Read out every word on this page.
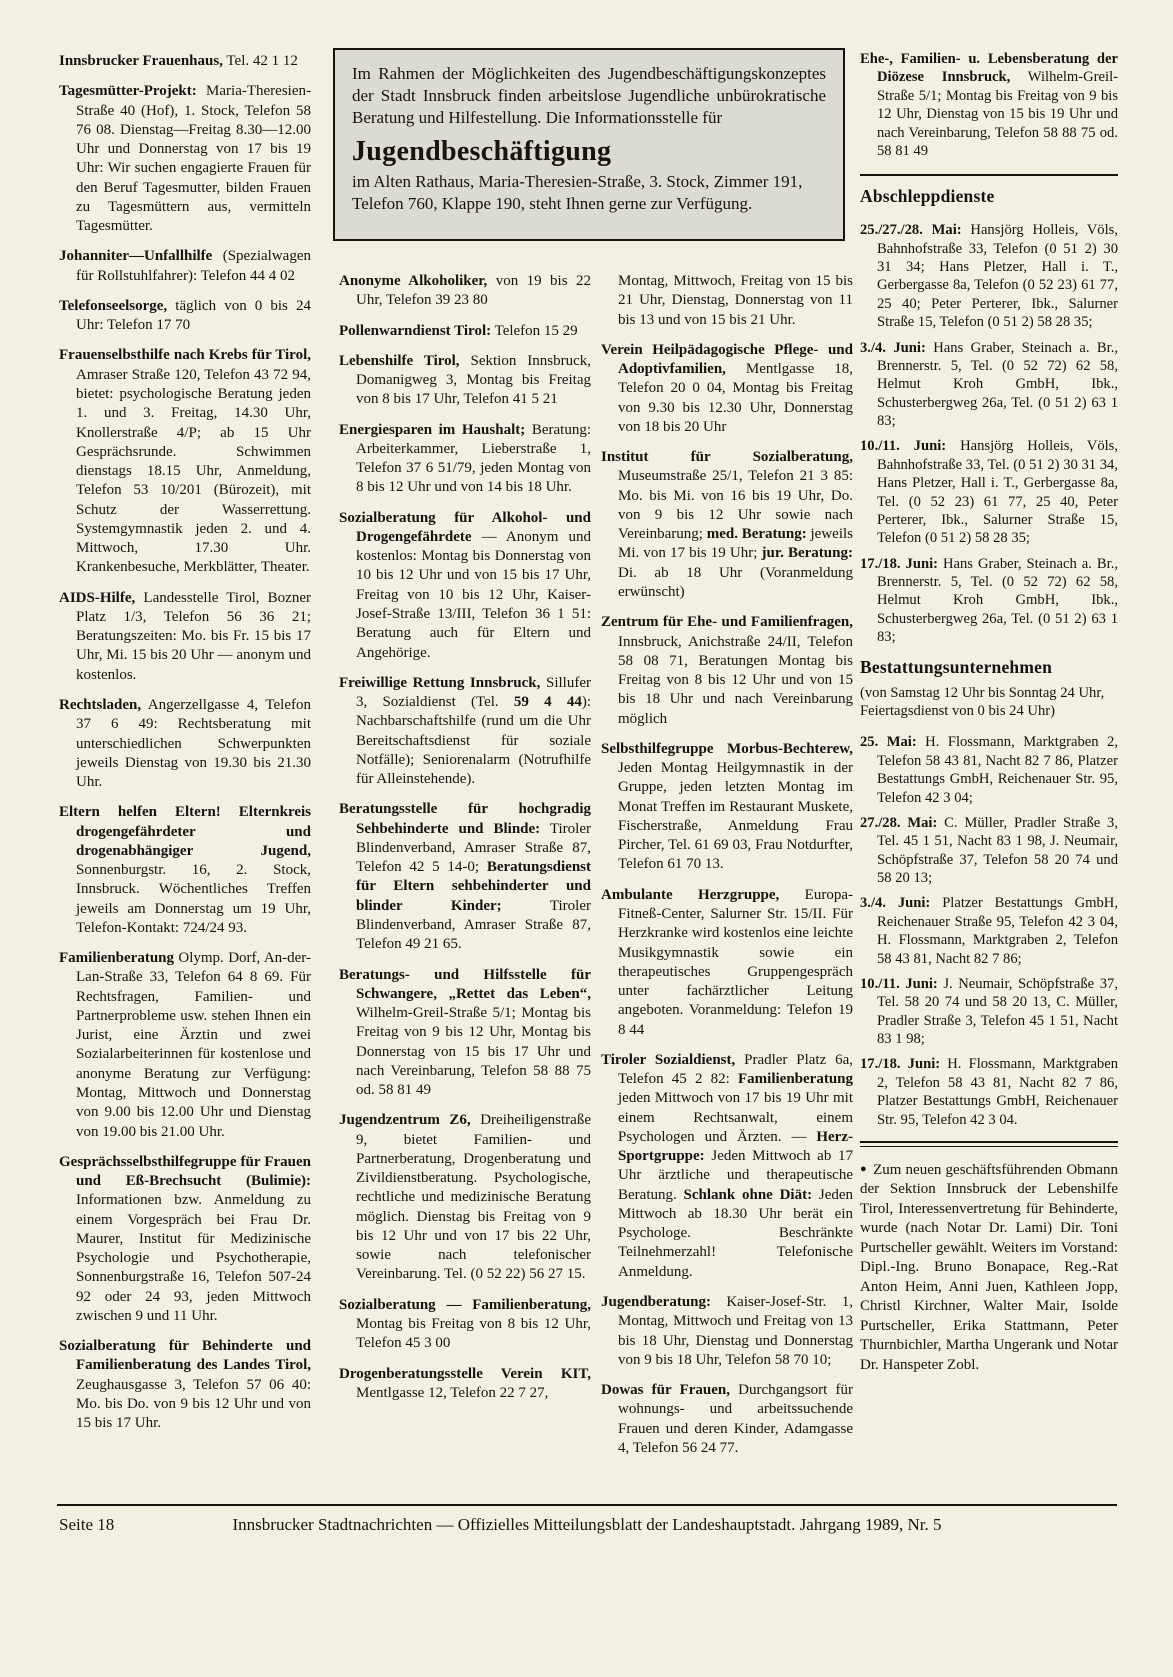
Innsbrucker Frauenhaus, Tel. 42 1 12

Tagesmütter-Projekt: Maria-Theresien-Straße 40 (Hof), 1. Stock, Telefon 58 76 08. Dienstag—Freitag 8.30—12.00 Uhr und Donnerstag von 17 bis 19 Uhr: Wir suchen engagierte Frauen für den Beruf Tagesmutter, bilden Frauen zu Tagesmüttern aus, vermitteln Tagesmütter.

Johanniter—Unfallhilfe (Spezialwagen für Rollstuhlfahrer): Telefon 44 4 02

Telefonseelsorge, täglich von 0 bis 24 Uhr: Telefon 17 70

Frauenselbsthilfe nach Krebs für Tirol, Amraser Straße 120, Telefon 43 72 94, bietet: psychologische Beratung jeden 1. und 3. Freitag, 14.30 Uhr, Knollerstraße 4/P; ab 15 Uhr Gesprächsrunde. Schwimmen dienstags 18.15 Uhr, Anmeldung, Telefon 53 10/201 (Bürozeit), mit Schutz der Wasserrettung. Systemgymnastik jeden 2. und 4. Mittwoch, 17.30 Uhr. Krankenbesuche, Merkblätter, Theater.

AIDS-Hilfe, Landesstelle Tirol, Bozner Platz 1/3, Telefon 56 36 21; Beratungszeiten: Mo. bis Fr. 15 bis 17 Uhr, Mi. 15 bis 20 Uhr — anonym und kostenlos.

Rechtsladen, Angerzellgasse 4, Telefon 37 6 49: Rechtsberatung mit unterschiedlichen Schwerpunkten jeweils Dienstag von 19.30 bis 21.30 Uhr.

Eltern helfen Eltern! Elternkreis drogengefährdeter und drogenabhängiger Jugend, Sonnenburgstr. 16, 2. Stock, Innsbruck. Wöchentliches Treffen jeweils am Donnerstag um 19 Uhr, Telefon-Kontakt: 724/24 93.

Familienberatung Olymp. Dorf, An-der-Lan-Straße 33, Telefon 64 8 69. Für Rechtsfragen, Familien- und Partnerprobleme usw. stehen Ihnen ein Jurist, eine Ärztin und zwei Sozialarbeiterinnen für kostenlose und anonyme Beratung zur Verfügung: Montag, Mittwoch und Donnerstag von 9.00 bis 12.00 Uhr und Dienstag von 19.00 bis 21.00 Uhr.

Gesprächsselbsthilfegruppe für Frauen und Eß-Brechsucht (Bulimie): Informationen bzw. Anmeldung zu einem Vorgespräch bei Frau Dr. Maurer, Institut für Medizinische Psychologie und Psychotherapie, Sonnenburgstraße 16, Telefon 507-24 92 oder 24 93, jeden Mittwoch zwischen 9 und 11 Uhr.

Sozialberatung für Behinderte und Familienberatung des Landes Tirol, Zeughausgasse 3, Telefon 57 06 40: Mo. bis Do. von 9 bis 12 Uhr und von 15 bis 17 Uhr.

Im Rahmen der Möglichkeiten des Jugendbeschäftigungskonzeptes der Stadt Innsbruck finden arbeitslose Jugendliche unbürokratische Beratung und Hilfestellung. Die Informationsstelle für

Jugendbeschäftigung

im Alten Rathaus, Maria-Theresien-Straße, 3. Stock, Zimmer 191, Telefon 760, Klappe 190, steht Ihnen gerne zur Verfügung.

Anonyme Alkoholiker, von 19 bis 22 Uhr, Telefon 39 23 80

Pollenwarndienst Tirol: Telefon 15 29

Lebenshilfe Tirol, Sektion Innsbruck, Domanigweg 3, Montag bis Freitag von 8 bis 17 Uhr, Telefon 41 5 21

Energiesparen im Haushalt; Beratung: Arbeiterkammer, Lieberstraße 1, Telefon 37 6 51/79, jeden Montag von 8 bis 12 Uhr und von 14 bis 18 Uhr.

Sozialberatung für Alkohol- und Drogengefährdete — Anonym und kostenlos: Montag bis Donnerstag von 10 bis 12 Uhr und von 15 bis 17 Uhr, Freitag von 10 bis 12 Uhr, Kaiser-Josef-Straße 13/III, Telefon 36 1 51: Beratung auch für Eltern und Angehörige.

Freiwillige Rettung Innsbruck, Sillufer 3, Sozialdienst (Tel. 59 4 44): Nachbarschaftshilfe (rund um die Uhr Bereitschaftsdienst für soziale Notfälle); Seniorenalarm (Notrufhilfe für Alleinstehende).

Beratungsstelle für hochgradig Sehbehinderte und Blinde: Tiroler Blindenverband, Amraser Straße 87, Telefon 42 5 14-0; Beratungsdienst für Eltern sehbehinderter und blinder Kinder; Tiroler Blindenverband, Amraser Straße 87, Telefon 49 21 65.

Beratungs- und Hilfsstelle für Schwangere, „Rettet das Leben“, Wilhelm-Greil-Straße 5/1; Montag bis Freitag von 9 bis 12 Uhr, Montag bis Donnerstag von 15 bis 17 Uhr und nach Vereinbarung, Telefon 58 88 75 od. 58 81 49

Jugendzentrum Z6, Dreiheiligenstraße 9, bietet Familien- und Partnerberatung, Drogenberatung und Zivildienstberatung. Psychologische, rechtliche und medizinische Beratung möglich. Dienstag bis Freitag von 9 bis 12 Uhr und von 17 bis 22 Uhr, sowie nach telefonischer Vereinbarung. Tel. (0 52 22) 56 27 15.

Sozialberatung — Familienberatung, Montag bis Freitag von 8 bis 12 Uhr, Telefon 45 3 00

Drogenberatungsstelle Verein KIT, Mentlgasse 12, Telefon 22 7 27,

Montag, Mittwoch, Freitag von 15 bis 21 Uhr, Dienstag, Donnerstag von 11 bis 13 und von 15 bis 21 Uhr.

Verein Heilpädagogische Pflege- und Adoptivfamilien, Mentlgasse 18, Telefon 20 0 04, Montag bis Freitag von 9.30 bis 12.30 Uhr, Donnerstag von 18 bis 20 Uhr

Institut für Sozialberatung, Museumstraße 25/1, Telefon 21 3 85: Mo. bis Mi. von 16 bis 19 Uhr, Do. von 9 bis 12 Uhr sowie nach Vereinbarung; med. Beratung: jeweils Mi. von 17 bis 19 Uhr; jur. Beratung: Di. ab 18 Uhr (Voranmeldung erwünscht)

Zentrum für Ehe- und Familienfragen, Innsbruck, Anichstraße 24/II, Telefon 58 08 71, Beratungen Montag bis Freitag von 8 bis 12 Uhr und von 15 bis 18 Uhr und nach Vereinbarung möglich

Selbsthilfegruppe Morbus-Bechterew, Jeden Montag Heilgymnastik in der Gruppe, jeden letzten Montag im Monat Treffen im Restaurant Muskete, Fischerstraße, Anmeldung Frau Pircher, Tel. 61 69 03, Frau Notdurfter, Telefon 61 70 13.

Ambulante Herzgruppe, Europa-Fitneß-Center, Salurner Str. 15/II. Für Herzkranke wird kostenlos eine leichte Musikgymnastik sowie ein therapeutisches Gruppengespräch unter fachärztlicher Leitung angeboten. Voranmeldung: Telefon 19 8 44

Tiroler Sozialdienst, Pradler Platz 6a, Telefon 45 2 82: Familienberatung jeden Mittwoch von 17 bis 19 Uhr mit einem Rechtsanwalt, einem Psychologen und Ärzten. — Herz-Sportgruppe: Jeden Mittwoch ab 17 Uhr ärztliche und therapeutische Beratung. Schlank ohne Diät: Jeden Mittwoch ab 18.30 Uhr berät ein Psychologe. Beschränkte Teilnehmerzahl! Telefonische Anmeldung.

Jugendberatung: Kaiser-Josef-Str. 1, Montag, Mittwoch und Freitag von 13 bis 18 Uhr, Dienstag und Donnerstag von 9 bis 18 Uhr, Telefon 58 70 10;

Dowas für Frauen, Durchgangsort für wohnungs- und arbeitssuchende Frauen und deren Kinder, Adamgasse 4, Telefon 56 24 77.

Ehe-, Familien- u. Lebensberatung der Diözese Innsbruck, Wilhelm-Greil-Straße 5/1; Montag bis Freitag von 9 bis 12 Uhr, Dienstag von 15 bis 19 Uhr und nach Vereinbarung, Telefon 58 88 75 od. 58 81 49

Abschleppdienste

25./27./28. Mai: Hansjörg Holleis, Völs, Bahnhofstraße 33, Telefon (0 51 2) 30 31 34; Hans Pletzer, Hall i. T., Gerbergasse 8a, Telefon (0 52 23) 61 77, 25 40; Peter Perterer, Ibk., Salurner Straße 15, Telefon (0 51 2) 58 28 35;

3./4. Juni: Hans Graber, Steinach a. Br., Brennerstr. 5, Tel. (0 52 72) 62 58, Helmut Kroh GmbH, Ibk., Schusterbergweg 26a, Tel. (0 51 2) 63 1 83;

10./11. Juni: Hansjörg Holleis, Völs, Bahnhofstraße 33, Tel. (0 51 2) 30 31 34, Hans Pletzer, Hall i. T., Gerbergasse 8a, Tel. (0 52 23) 61 77, 25 40, Peter Perterer, Ibk., Salurner Straße 15, Telefon (0 51 2) 58 28 35;

17./18. Juni: Hans Graber, Steinach a. Br., Brennerstr. 5, Tel. (0 52 72) 62 58, Helmut Kroh GmbH, Ibk., Schusterbergweg 26a, Tel. (0 51 2) 63 1 83;

Bestattungsunternehmen

(von Samstag 12 Uhr bis Sonntag 24 Uhr, Feiertagsdienst von 0 bis 24 Uhr)

25. Mai: H. Flossmann, Marktgraben 2, Telefon 58 43 81, Nacht 82 7 86, Platzer Bestattungs GmbH, Reichenauer Str. 95, Telefon 42 3 04;

27./28. Mai: C. Müller, Pradler Straße 3, Tel. 45 1 51, Nacht 83 1 98, J. Neumair, Schöpfstraße 37, Telefon 58 20 74 und 58 20 13;

3./4. Juni: Platzer Bestattungs GmbH, Reichenauer Straße 95, Telefon 42 3 04, H. Flossmann, Marktgraben 2, Telefon 58 43 81, Nacht 82 7 86;

10./11. Juni: J. Neumair, Schöpfstraße 37, Tel. 58 20 74 und 58 20 13, C. Müller, Pradler Straße 3, Telefon 45 1 51, Nacht 83 1 98;

17./18. Juni: H. Flossmann, Marktgraben 2, Telefon 58 43 81, Nacht 82 7 86, Platzer Bestattungs GmbH, Reichenauer Str. 95, Telefon 42 3 04.

● Zum neuen geschäftsführenden Obmann der Sektion Innsbruck der Lebenshilfe Tirol, Interessenvertretung für Behinderte, wurde (nach Notar Dr. Lami) Dir. Toni Purtscheller gewählt. Weiters im Vorstand: Dipl.-Ing. Bruno Bonapace, Reg.-Rat Anton Heim, Anni Juen, Kathleen Jopp, Christl Kirchner, Walter Mair, Isolde Purtscheller, Erika Stattmann, Peter Thurnbichler, Martha Ungerank und Notar Dr. Hanspeter Zobl.

Seite 18	Innsbrucker Stadtnachrichten — Offizielles Mitteilungsblatt der Landeshauptstadt. Jahrgang 1989, Nr. 5
